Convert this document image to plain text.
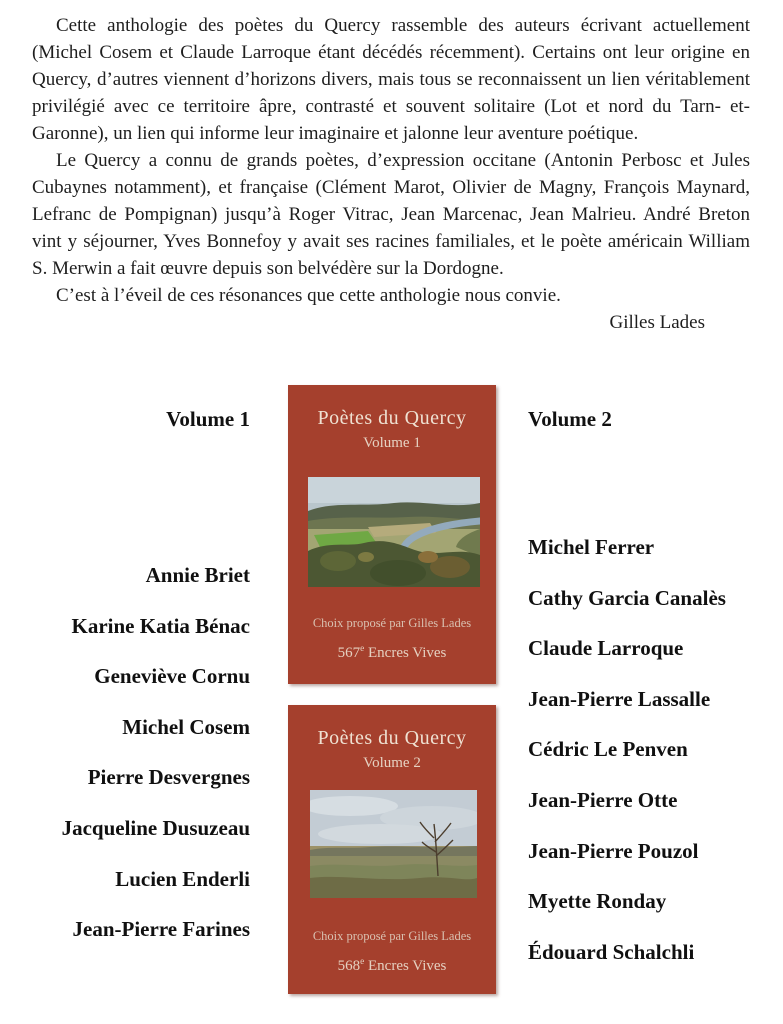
Cette anthologie des poètes du Quercy rassemble des auteurs écrivant actuellement (Michel Cosem et Claude Larroque étant décédés récemment). Certains ont leur origine en Quercy, d’autres viennent d’horizons divers, mais tous se reconnaissent un lien véritablement privilégié avec ce territoire âpre, contrasté et souvent solitaire (Lot et nord du Tarn- et-Garonne), un lien qui informe leur imaginaire et jalonne leur aventure poétique.

Le Quercy a connu de grands poètes, d’expression occitane (Antonin Perbosc et Jules Cubaynes notamment), et française (Clément Marot, Olivier de Magny, François Maynard, Lefranc de Pompignan) jusqu’à Roger Vitrac, Jean Marcenac, Jean Malrieu. André Breton vint y séjourner, Yves Bonnefoy y avait ses racines familiales, et le poète américain William S. Merwin a fait œuvre depuis son belvédère sur la Dordogne.

C’est à l’éveil de ces résonances que cette anthologie nous convie.

Gilles Lades

Volume 1	Volume 2
Annie Briet
Karine Katia Bénac
Geneviève Cornu
Michel Cosem
Pierre Desvergnes
Jacqueline Dusuzeau
Lucien Enderli
Jean-Pierre Farines
Michel Ferrer
Cathy Garcia Canalès
Claude Larroque
Jean-Pierre Lassalle
Cédric Le Penven
Jean-Pierre Otte
Jean-Pierre Pouzol
Myette Ronday
Édouard Schalchli
Poètes du Quercy
Volume 1
Choix proposé par Gilles Lades
567e Encres Vives
Poètes du Quercy
Volume 2
Choix proposé par Gilles Lades
568e Encres Vives
